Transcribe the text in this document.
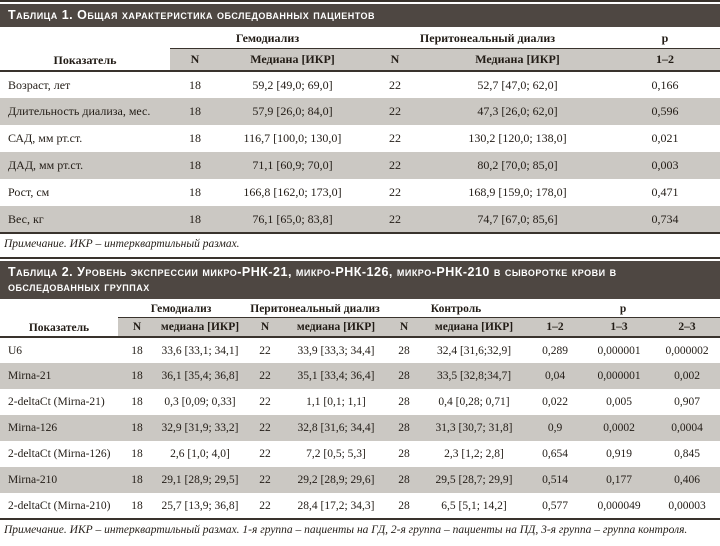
Таблица 1. Общая характеристика обследованных пациентов
Показатель	Гемодиализ		Перитонеальный диализ		p
	N	Медиана [ИКР]	N	Медиана [ИКР]	1–2
Возраст, лет	18	59,2 [49,0; 69,0]	22	52,7 [47,0; 62,0]	0,166
Длительность диализа, мес.	18	57,9 [26,0; 84,0]	22	47,3 [26,0; 62,0]	0,596
САД, мм рт.ст.	18	116,7 [100,0; 130,0]	22	130,2 [120,0; 138,0]	0,021
ДАД, мм рт.ст.	18	71,1 [60,9; 70,0]	22	80,2 [70,0; 85,0]	0,003
Рост, см	18	166,8 [162,0; 173,0]	22	168,9 [159,0; 178,0]	0,471
Вес, кг	18	76,1 [65,0; 83,8]	22	74,7 [67,0; 85,6]	0,734
Примечание. ИКР – интерквартильный размах.
Таблица 2. Уровень экспрессии микро-РНК-21, микро-РНК-126, микро-РНК-210 в сыворотке крови в обследованных группах
Показатель	Гемодиализ		Перитонеальный диализ		Контроль		p		
	N	медиана [ИКР]	N	медиана [ИКР]	N	медиана [ИКР]	1–2	1–3	2–3
U6	18	33,6 [33,1; 34,1]	22	33,9 [33,3; 34,4]	28	32,4 [31,6;32,9]	0,289	0,000001	0,000002
Mirna-21	18	36,1 [35,4; 36,8]	22	35,1 [33,4; 36,4]	28	33,5 [32,8;34,7]	0,04	0,000001	0,002
2-deltaCt (Mirna-21)	18	0,3 [0,09; 0,33]	22	1,1 [0,1; 1,1]	28	0,4 [0,28; 0,71]	0,022	0,005	0,907
Mirna-126	18	32,9 [31,9; 33,2]	22	32,8 [31,6; 34,4]	28	31,3 [30,7; 31,8]	0,9	0,0002	0,0004
2-deltaCt (Mirna-126)	18	2,6 [1,0; 4,0]	22	7,2 [0,5; 5,3]	28	2,3 [1,2; 2,8]	0,654	0,919	0,845
Mirna-210	18	29,1 [28,9; 29,5]	22	29,2 [28,9; 29,6]	28	29,5 [28,7; 29,9]	0,514	0,177	0,406
2-deltaCt (Mirna-210)	18	25,7 [13,9; 36,8]	22	28,4 [17,2; 34,3]	28	6,5 [5,1; 14,2]	0,577	0,000049	0,00003
Примечание. ИКР – интерквартильный размах. 1-я группа – пациенты на ГД, 2-я группа – пациенты на ПД, 3-я группа – группа контроля.
